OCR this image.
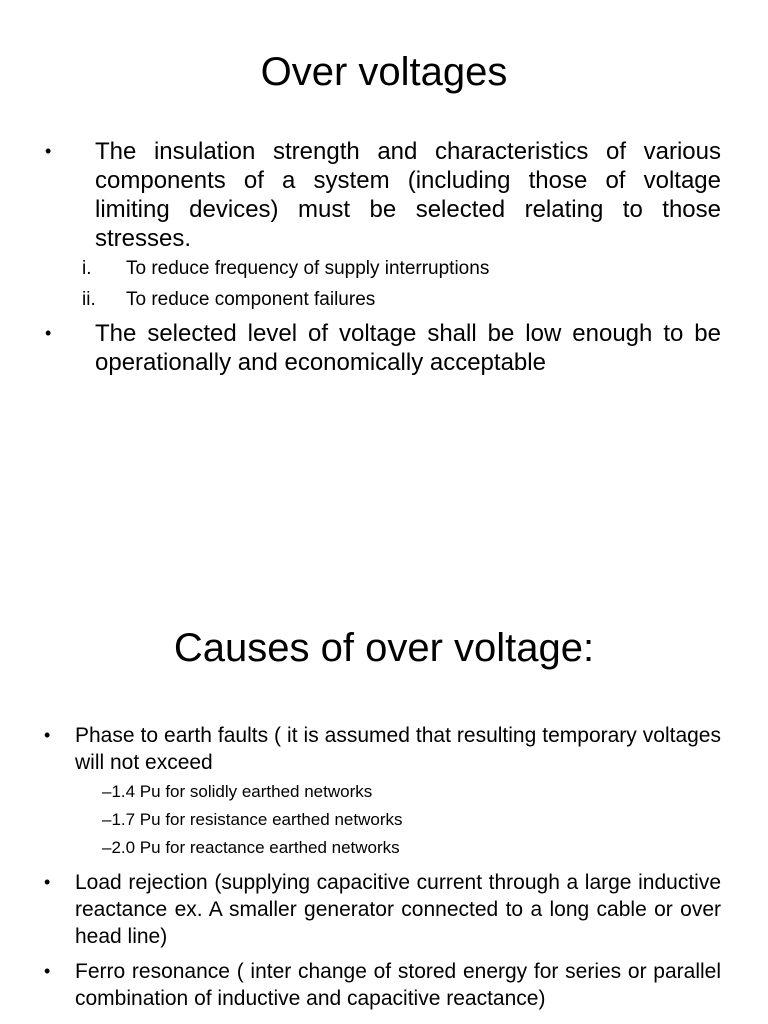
Over voltages
• The insulation strength and characteristics of various components of a system (including those of voltage limiting devices) must be selected relating to those stresses.
i. To reduce frequency of supply interruptions
ii. To reduce component failures
• The selected level of voltage shall be low enough to be operationally and economically acceptable
Causes of over voltage:
• Phase to earth faults ( it is assumed that resulting temporary voltages will not exceed
–1.4 Pu for solidly earthed networks
–1.7 Pu for resistance earthed networks
–2.0 Pu for reactance earthed networks
• Load rejection (supplying capacitive current through a large inductive reactance ex. A smaller generator connected to a long cable or over head line)
• Ferro resonance ( inter change of stored energy for series or parallel combination of inductive and capacitive reactance)
